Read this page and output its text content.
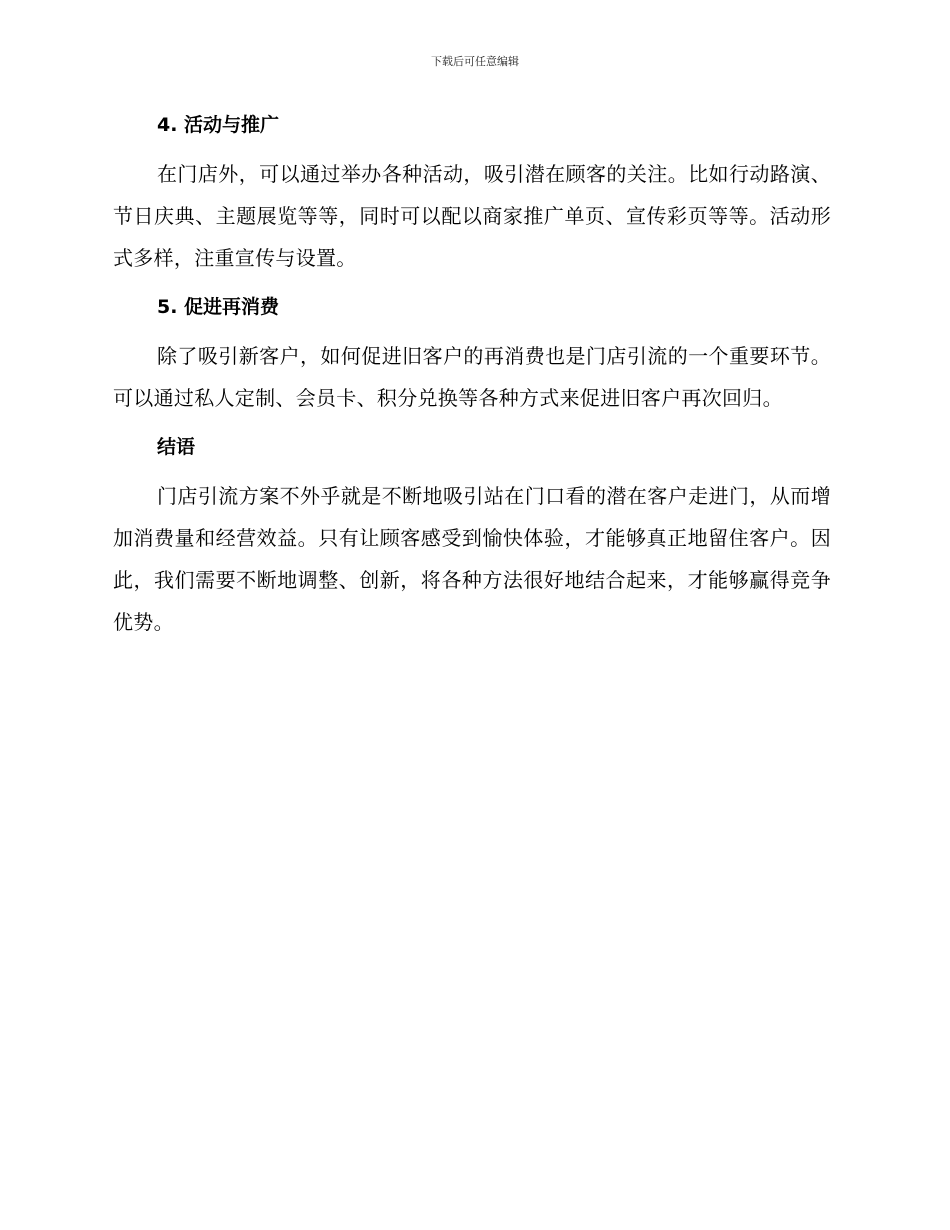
下载后可任意编辑
4. 活动与推广

在门店外，可以通过举办各种活动，吸引潜在顾客的关注。比如行动路演、节日庆典、主题展览等等，同时可以配以商家推广单页、宣传彩页等等。活动形式多样，注重宣传与设置。

5. 促进再消费

除了吸引新客户，如何促进旧客户的再消费也是门店引流的一个重要环节。可以通过私人定制、会员卡、积分兑换等各种方式来促进旧客户再次回归。

结语

门店引流方案不外乎就是不断地吸引站在门口看的潜在客户走进门，从而增加消费量和经营效益。只有让顾客感受到愉快体验，才能够真正地留住客户。因此，我们需要不断地调整、创新，将各种方法很好地结合起来，才能够赢得竞争优势。
